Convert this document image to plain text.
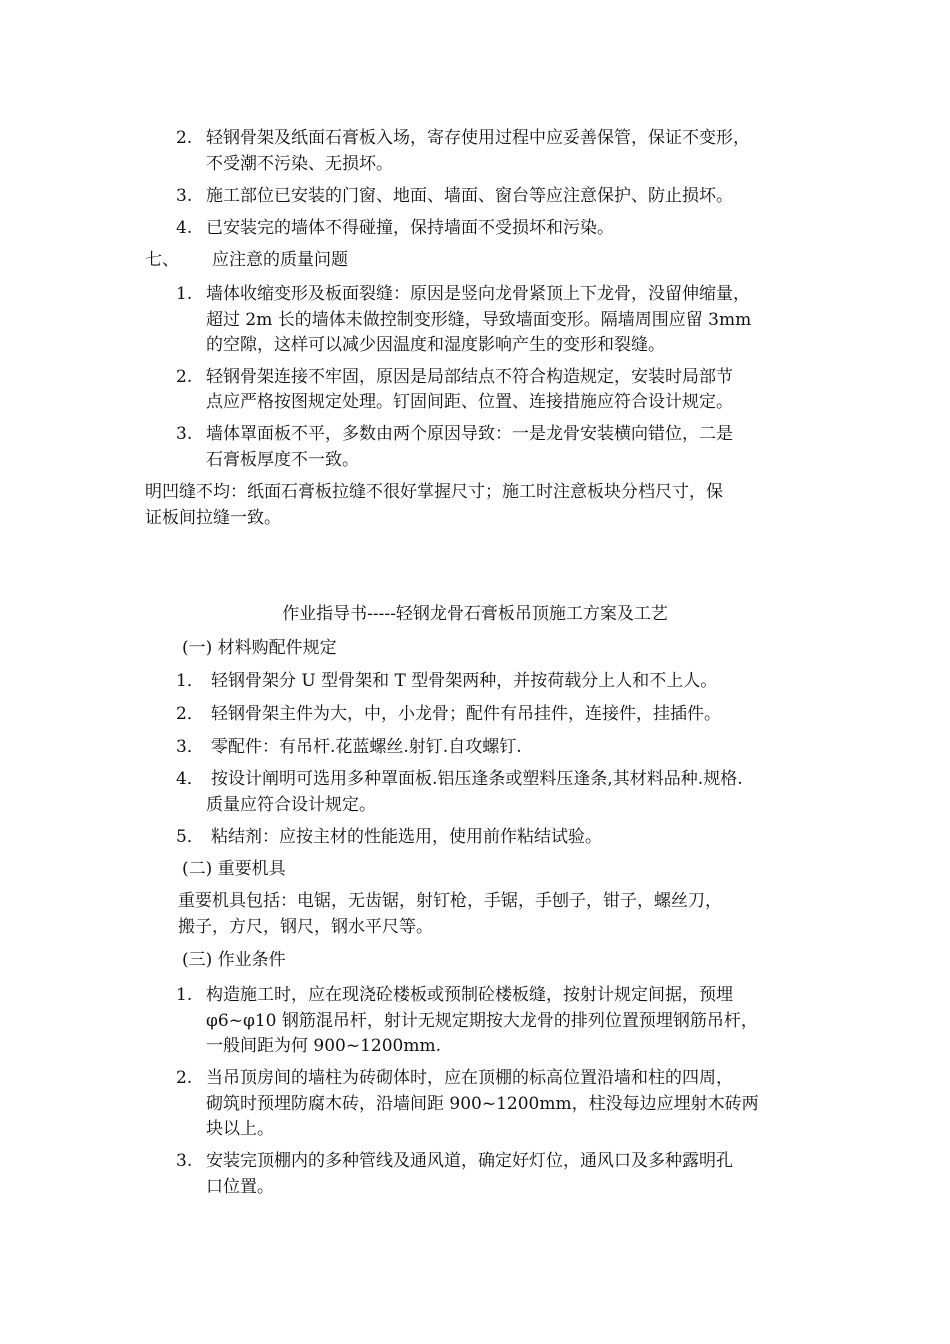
2. 轻钢骨架及纸面石膏板入场，寄存使用过程中应妥善保管，保证不变形，
不受潮不污染、无损坏。
3. 施工部位已安装的门窗、地面、墙面、窗台等应注意保护、防止损坏。
4. 已安装完的墙体不得碰撞，保持墙面不受损坏和污染。
七、 应注意的质量问题
1. 墙体收缩变形及板面裂缝：原因是竖向龙骨紧顶上下龙骨，没留伸缩量，
超过 2m 长的墙体未做控制变形缝，导致墙面变形。隔墙周围应留 3mm
的空隙，这样可以减少因温度和湿度影响产生的变形和裂缝。
2. 轻钢骨架连接不牢固，原因是局部结点不符合构造规定，安装时局部节
点应严格按图规定处理。钉固间距、位置、连接措施应符合设计规定。
3. 墙体罩面板不平，多数由两个原因导致：一是龙骨安装横向错位，二是
石膏板厚度不一致。
明凹缝不均：纸面石膏板拉缝不很好掌握尺寸；施工时注意板块分档尺寸，保
证板间拉缝一致。
作业指导书-----轻钢龙骨石膏板吊顶施工方案及工艺
(一) 材料购配件规定
1． 轻钢骨架分 U 型骨架和 T 型骨架两种，并按荷载分上人和不上人。
2． 轻钢骨架主件为大，中，小龙骨；配件有吊挂件，连接件，挂插件。
3． 零配件：有吊杆.花蓝螺丝.射钉.自攻螺钉.
4． 按设计阐明可选用多种罩面板.铝压逢条或塑料压逢条,其材料品种.规格.
质量应符合设计规定。
5． 粘结剂：应按主材的性能选用，使用前作粘结试验。
(二) 重要机具
重要机具包括：电锯，无齿锯，射钉枪，手锯，手刨子，钳子，螺丝刀，
搬子，方尺，钢尺，钢水平尺等。
(三) 作业条件
1. 构造施工时，应在现浇砼楼板或预制砼楼板缝，按射计规定间据，预埋
φ6~φ10 钢筋混吊杆，射计无规定期按大龙骨的排列位置预埋钢筋吊杆，
一般间距为何 900~1200mm.
2. 当吊顶房间的墙柱为砖砌体时，应在顶棚的标高位置沿墙和柱的四周，
砌筑时预埋防腐木砖，沿墙间距 900~1200mm，柱没每边应埋射木砖两
块以上。
3. 安装完顶棚内的多种管线及通风道，确定好灯位，通风口及多种露明孔
口位置。
